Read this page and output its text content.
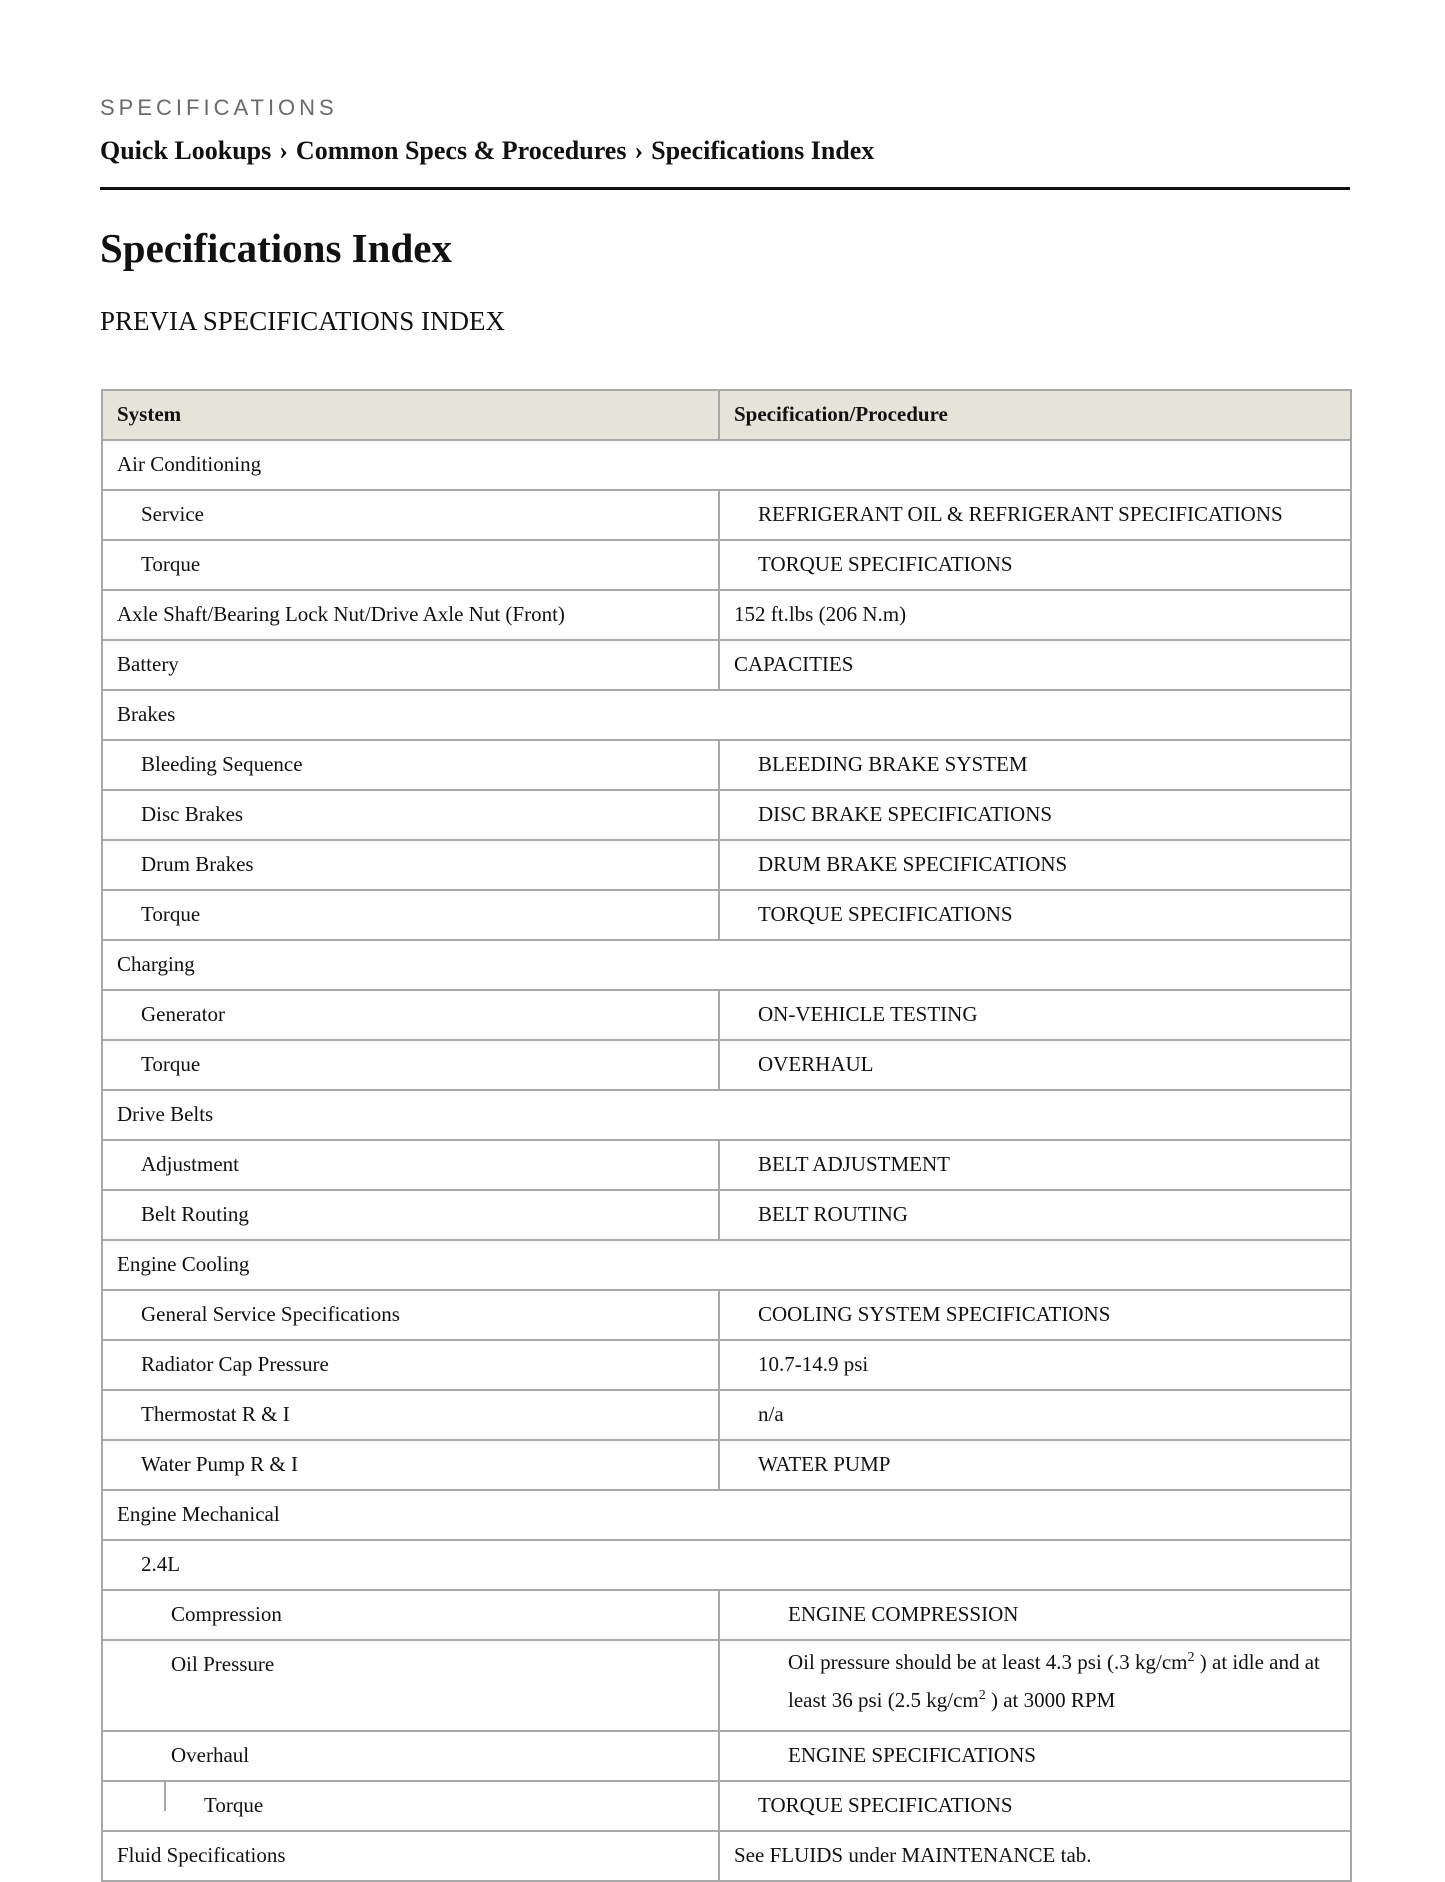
SPECIFICATIONS
Quick Lookups › Common Specs & Procedures › Specifications Index
Specifications Index
PREVIA SPECIFICATIONS INDEX
System	Specification/Procedure
Air Conditioning	
Service	REFRIGERANT OIL & REFRIGERANT SPECIFICATIONS
Torque	TORQUE SPECIFICATIONS
Axle Shaft/Bearing Lock Nut/Drive Axle Nut (Front)	152 ft.lbs (206 N.m)
Battery	CAPACITIES
Brakes	
Bleeding Sequence	BLEEDING BRAKE SYSTEM
Disc Brakes	DISC BRAKE SPECIFICATIONS
Drum Brakes	DRUM BRAKE SPECIFICATIONS
Torque	TORQUE SPECIFICATIONS
Charging	
Generator	ON-VEHICLE TESTING
Torque	OVERHAUL
Drive Belts	
Adjustment	BELT ADJUSTMENT
Belt Routing	BELT ROUTING
Engine Cooling	
General Service Specifications	COOLING SYSTEM SPECIFICATIONS
Radiator Cap Pressure	10.7-14.9 psi
Thermostat R & I	n/a
Water Pump R & I	WATER PUMP
Engine Mechanical	
2.4L	
Compression	ENGINE COMPRESSION
Oil Pressure	Oil pressure should be at least 4.3 psi (.3 $kg/cm^2$ ) at idle and at least 36 psi (2.5 $kg/cm^2$ ) at 3000 RPM
Overhaul	ENGINE SPECIFICATIONS

Torque	TORQUE SPECIFICATIONS
Fluid Specifications	See FLUIDS under MAINTENANCE tab.
